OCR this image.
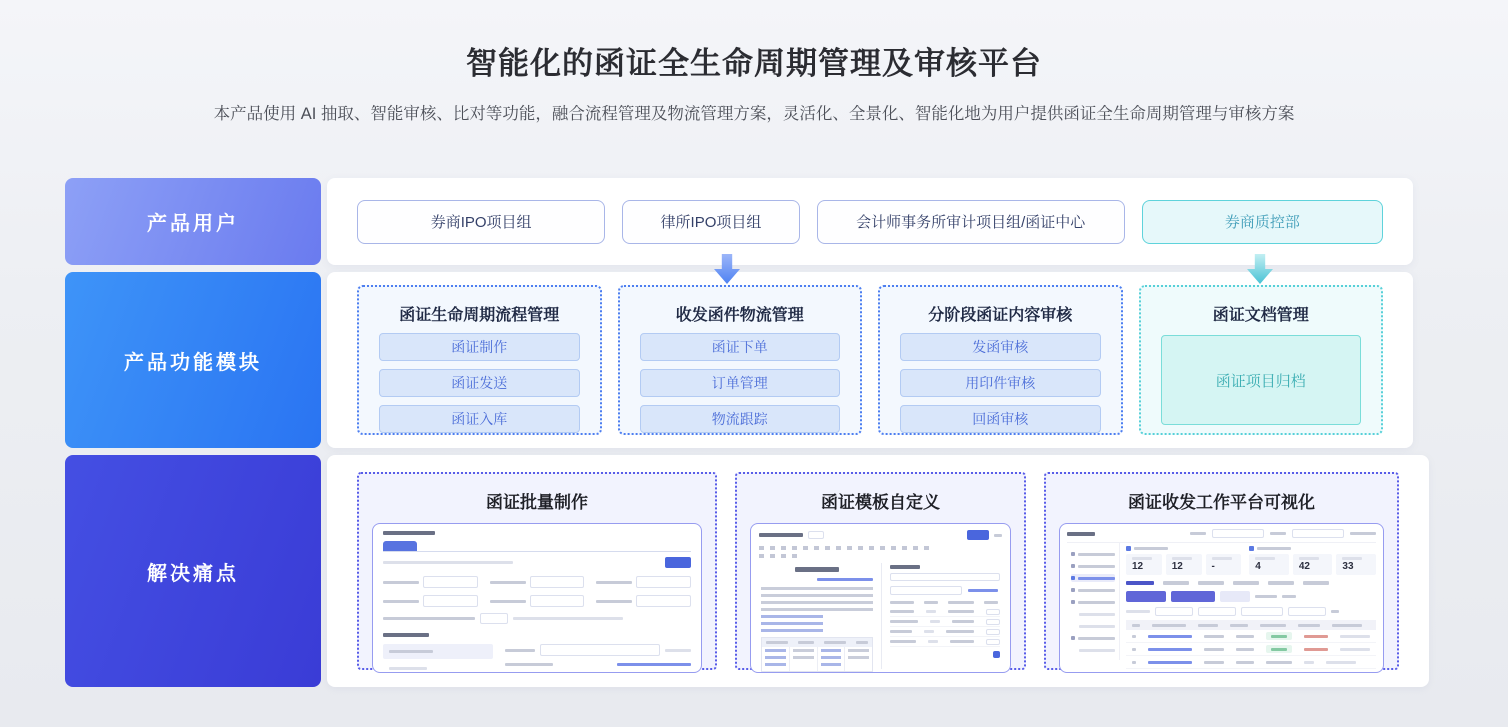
智能化的函证全生命周期管理及审核平台
本产品使用 AI 抽取、智能审核、比对等功能，融合流程管理及物流管理方案，灵活化、全景化、智能化地为用户提供函证全生命周期管理与审核方案
产品用户	券商IPO项目组	律所IPO项目组	会计师事务所审计项目组/函证中心	券商质控部
产品功能模块
函证生命周期流程管理
函证制作
函证发送
函证入库
收发函件物流管理
函证下单
订单管理
物流跟踪
分阶段函证内容审核
发函审核
用印件审核
回函审核
函证文档管理
函证项目归档
解决痛点
函证批量制作	函证模板自定义	函证收发工作平台可视化
12	12	-	4	42	33
